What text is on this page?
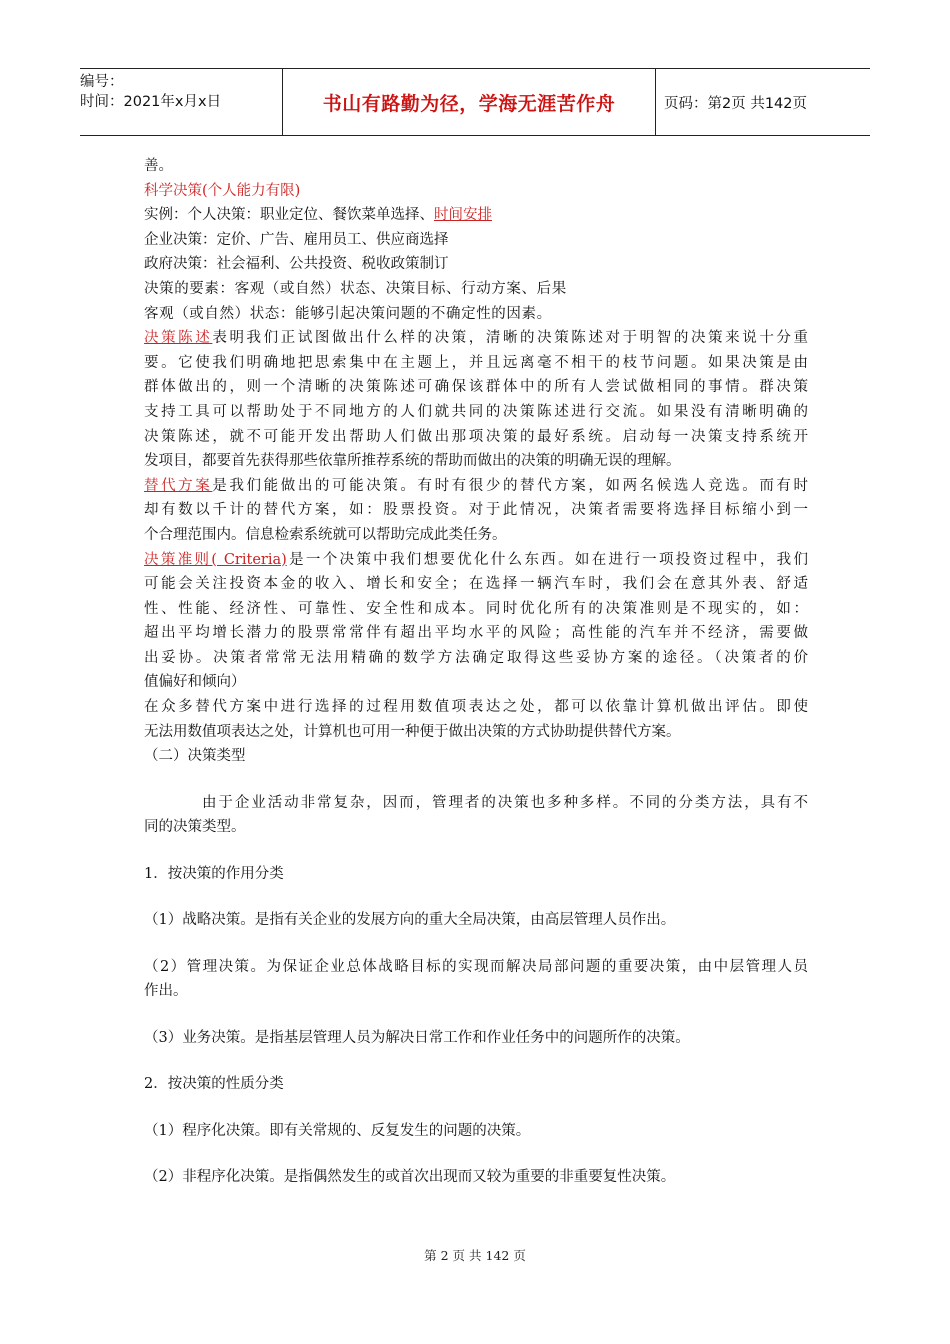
编号：
时间：2021年x月x日	书山有路勤为径，学海无涯苦作舟	页码：第2页 共142页
善。
科学决策(个人能力有限)
实例：个人决策：职业定位、餐饮菜单选择、时间安排
企业决策：定价、广告、雇用员工、供应商选择
政府决策：社会福利、公共投资、税收政策制订
决策的要素：客观（或自然）状态、决策目标、行动方案、后果
客观（或自然）状态：能够引起决策问题的不确定性的因素。
决策陈述表明我们正试图做出什么样的决策，清晰的决策陈述对于明智的决策来说十分重
要。它使我们明确地把思索集中在主题上，并且远离毫不相干的枝节问题。如果决策是由
群体做出的，则一个清晰的决策陈述可确保该群体中的所有人尝试做相同的事情。群决策
支持工具可以帮助处于不同地方的人们就共同的决策陈述进行交流。如果没有清晰明确的
决策陈述，就不可能开发出帮助人们做出那项决策的最好系统。启动每一决策支持系统开
发项目，都要首先获得那些依靠所推荐系统的帮助而做出的决策的明确无误的理解。
替代方案是我们能做出的可能决策。有时有很少的替代方案，如两名候选人竞选。而有时
却有数以千计的替代方案，如：股票投资。对于此情况，决策者需要将选择目标缩小到一
个合理范围内。信息检索系统就可以帮助完成此类任务。
决策准则( Criteria)是一个决策中我们想要优化什么东西。如在进行一项投资过程中，我们
可能会关注投资本金的收入、增长和安全；在选择一辆汽车时，我们会在意其外表、舒适
性、性能、经济性、可靠性、安全性和成本。同时优化所有的决策准则是不现实的，如：
超出平均增长潜力的股票常常伴有超出平均水平的风险；高性能的汽车并不经济，需要做
出妥协。决策者常常无法用精确的数学方法确定取得这些妥协方案的途径。（决策者的价
值偏好和倾向）
在众多替代方案中进行选择的过程用数值项表达之处，都可以依靠计算机做出评估。即使
无法用数值项表达之处，计算机也可用一种便于做出决策的方式协助提供替代方案。
（二）决策类型
由于企业活动非常复杂，因而，管理者的决策也多种多样。不同的分类方法，具有不
同的决策类型。
1．按决策的作用分类
（1）战略决策。是指有关企业的发展方向的重大全局决策，由高层管理人员作出。
（2）管理决策。为保证企业总体战略目标的实现而解决局部问题的重要决策，由中层管理人员
作出。
（3）业务决策。是指基层管理人员为解决日常工作和作业任务中的问题所作的决策。
2．按决策的性质分类
（1）程序化决策。即有关常规的、反复发生的问题的决策。
（2）非程序化决策。是指偶然发生的或首次出现而又较为重要的非重要复性决策。
第 2 页 共 142 页
